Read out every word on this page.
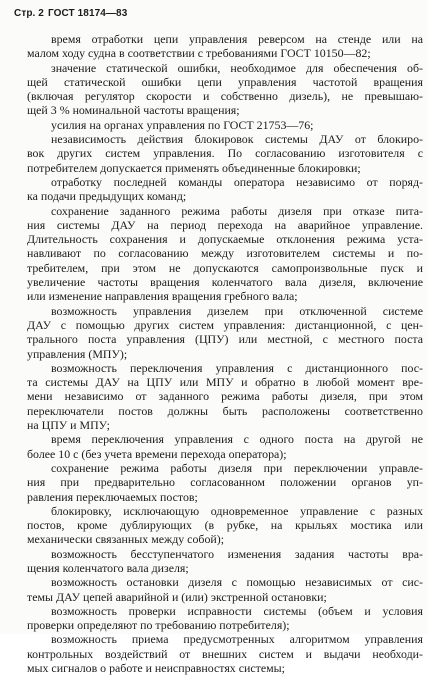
Стр. 2 ГОСТ 18174—83
время отработки цепи управления реверсом на стенде или на
малом ходу судна в соответствии с требованиями ГОСТ 10150—82;
значение статической ошибки, необходимое для обеспечения об-
щей статической ошибки цепи управления частотой вращения
(включая регулятор скорости и собственно дизель), не превышаю-
щей 3 % номинальной частоты вращения;
усилия на органах управления по ГОСТ 21753—76;
независимость действия блокировок системы ДАУ от блокиро-
вок других систем управления. По согласованию изготовителя с
потребителем допускается применять объединенные блокировки;
отработку последней команды оператора независимо от поряд-
ка подачи предыдущих команд;
сохранение заданного режима работы дизеля при отказе пита-
ния системы ДАУ на период перехода на аварийное управление.
Длительность сохранения и допускаемые отклонения режима уста-
навливают по согласованию между изготовителем системы и по-
требителем, при этом не допускаются самопроизвольные пуск и
увеличение частоты вращения коленчатого вала дизеля, включение
или изменение направления вращения гребного вала;
возможность управления дизелем при отключенной системе
ДАУ с помощью других систем управления: дистанционной, с цен-
трального поста управления (ЦПУ) или местной, с местного поста
управления (МПУ);
возможность переключения управления с дистанционного пос-
та системы ДАУ на ЦПУ или МПУ и обратно в любой момент вре-
мени независимо от заданного режима работы дизеля, при этом
переключатели постов должны быть расположены соответственно
на ЦПУ и МПУ;
время переключения управления с одного поста на другой не
более 10 с (без учета времени перехода оператора);
сохранение режима работы дизеля при переключении управле-
ния при предварительно согласованном положении органов уп-
равления переключаемых постов;
блокировку, исключающую одновременное управление с разных
постов, кроме дублирующих (в рубке, на крыльях мостика или
механически связанных между собой);
возможность бесступенчатого изменения задания частоты вра-
щения коленчатого вала дизеля;
возможность остановки дизеля с помощью независимых от сис-
темы ДАУ цепей аварийной и (или) экстренной остановки;
возможность проверки исправности системы (объем и условия
проверки определяют по требованию потребителя);
возможность приема предусмотренных алгоритмом управления
контрольных воздействий от внешних систем и выдачи необходи-
мых сигналов о работе и неисправностях системы;
